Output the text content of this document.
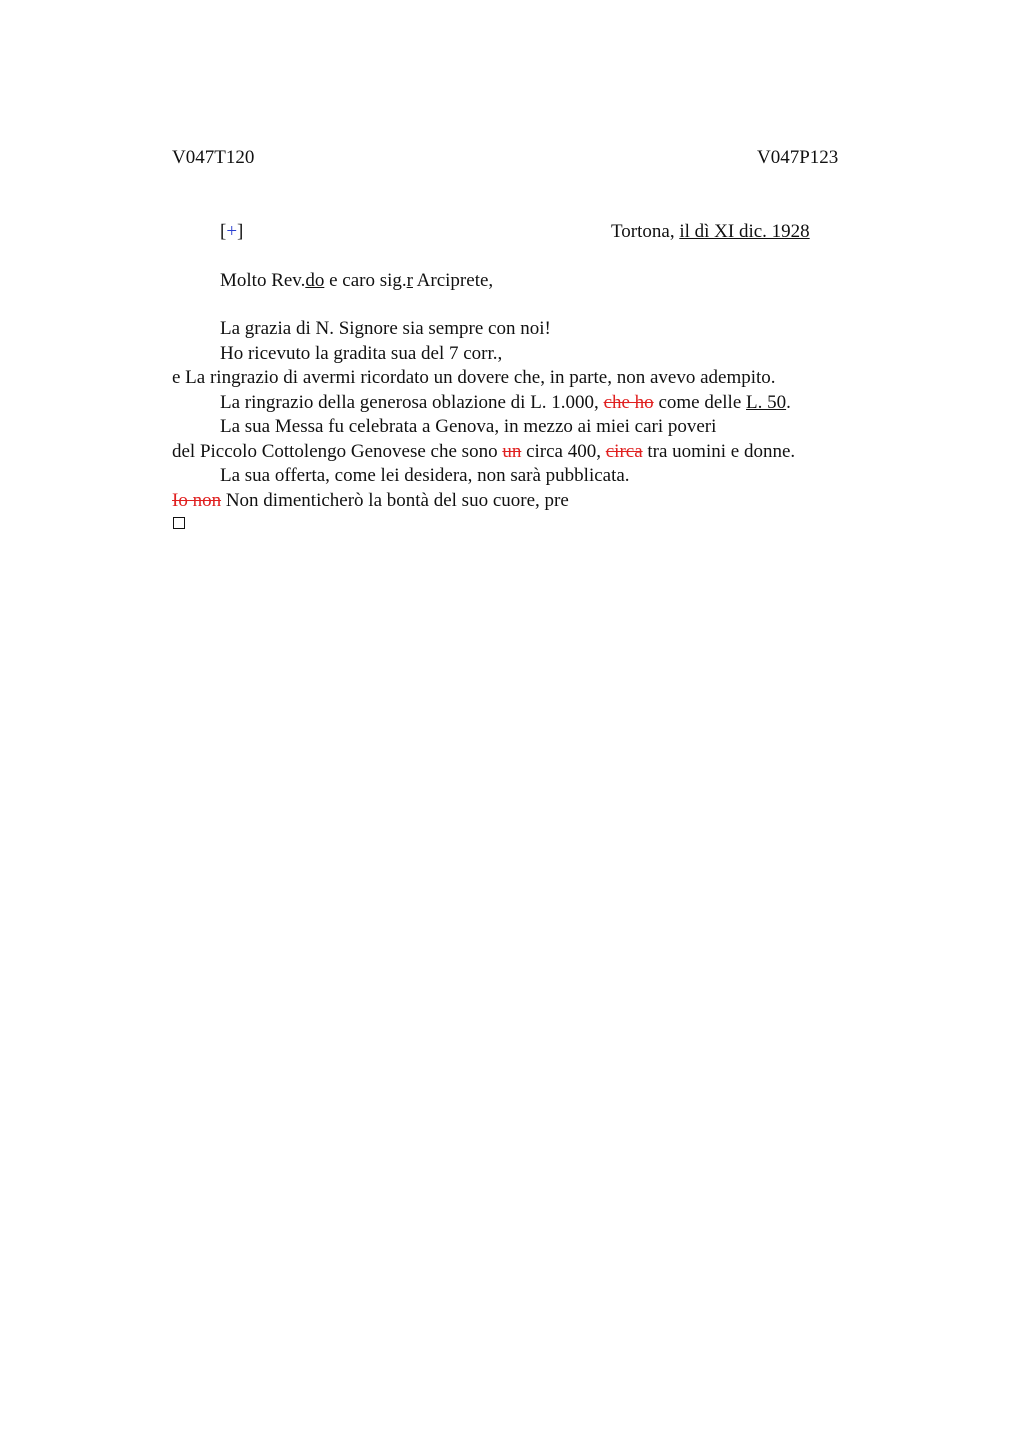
V047T120	V047P123
[+]	Tortona, il dì XI dic. 1928
Molto Rev.do e caro sig.r Arciprete,
La grazia di N. Signore sia sempre con noi!
Ho ricevuto la gradita sua del 7 corr.,
e La ringrazio di avermi ricordato un dovere che, in parte, non avevo adempito.
La ringrazio della generosa oblazione di L. 1.000, che ho come delle L. 50.
La sua Messa fu celebrata a Genova, in mezzo ai miei cari poveri
del Piccolo Cottolengo Genovese che sono un circa 400, circa tra uomini e donne.
La sua offerta, come lei desidera, non sarà pubblicata.
Io non Non dimenticherò la bontà del suo cuore, pre
